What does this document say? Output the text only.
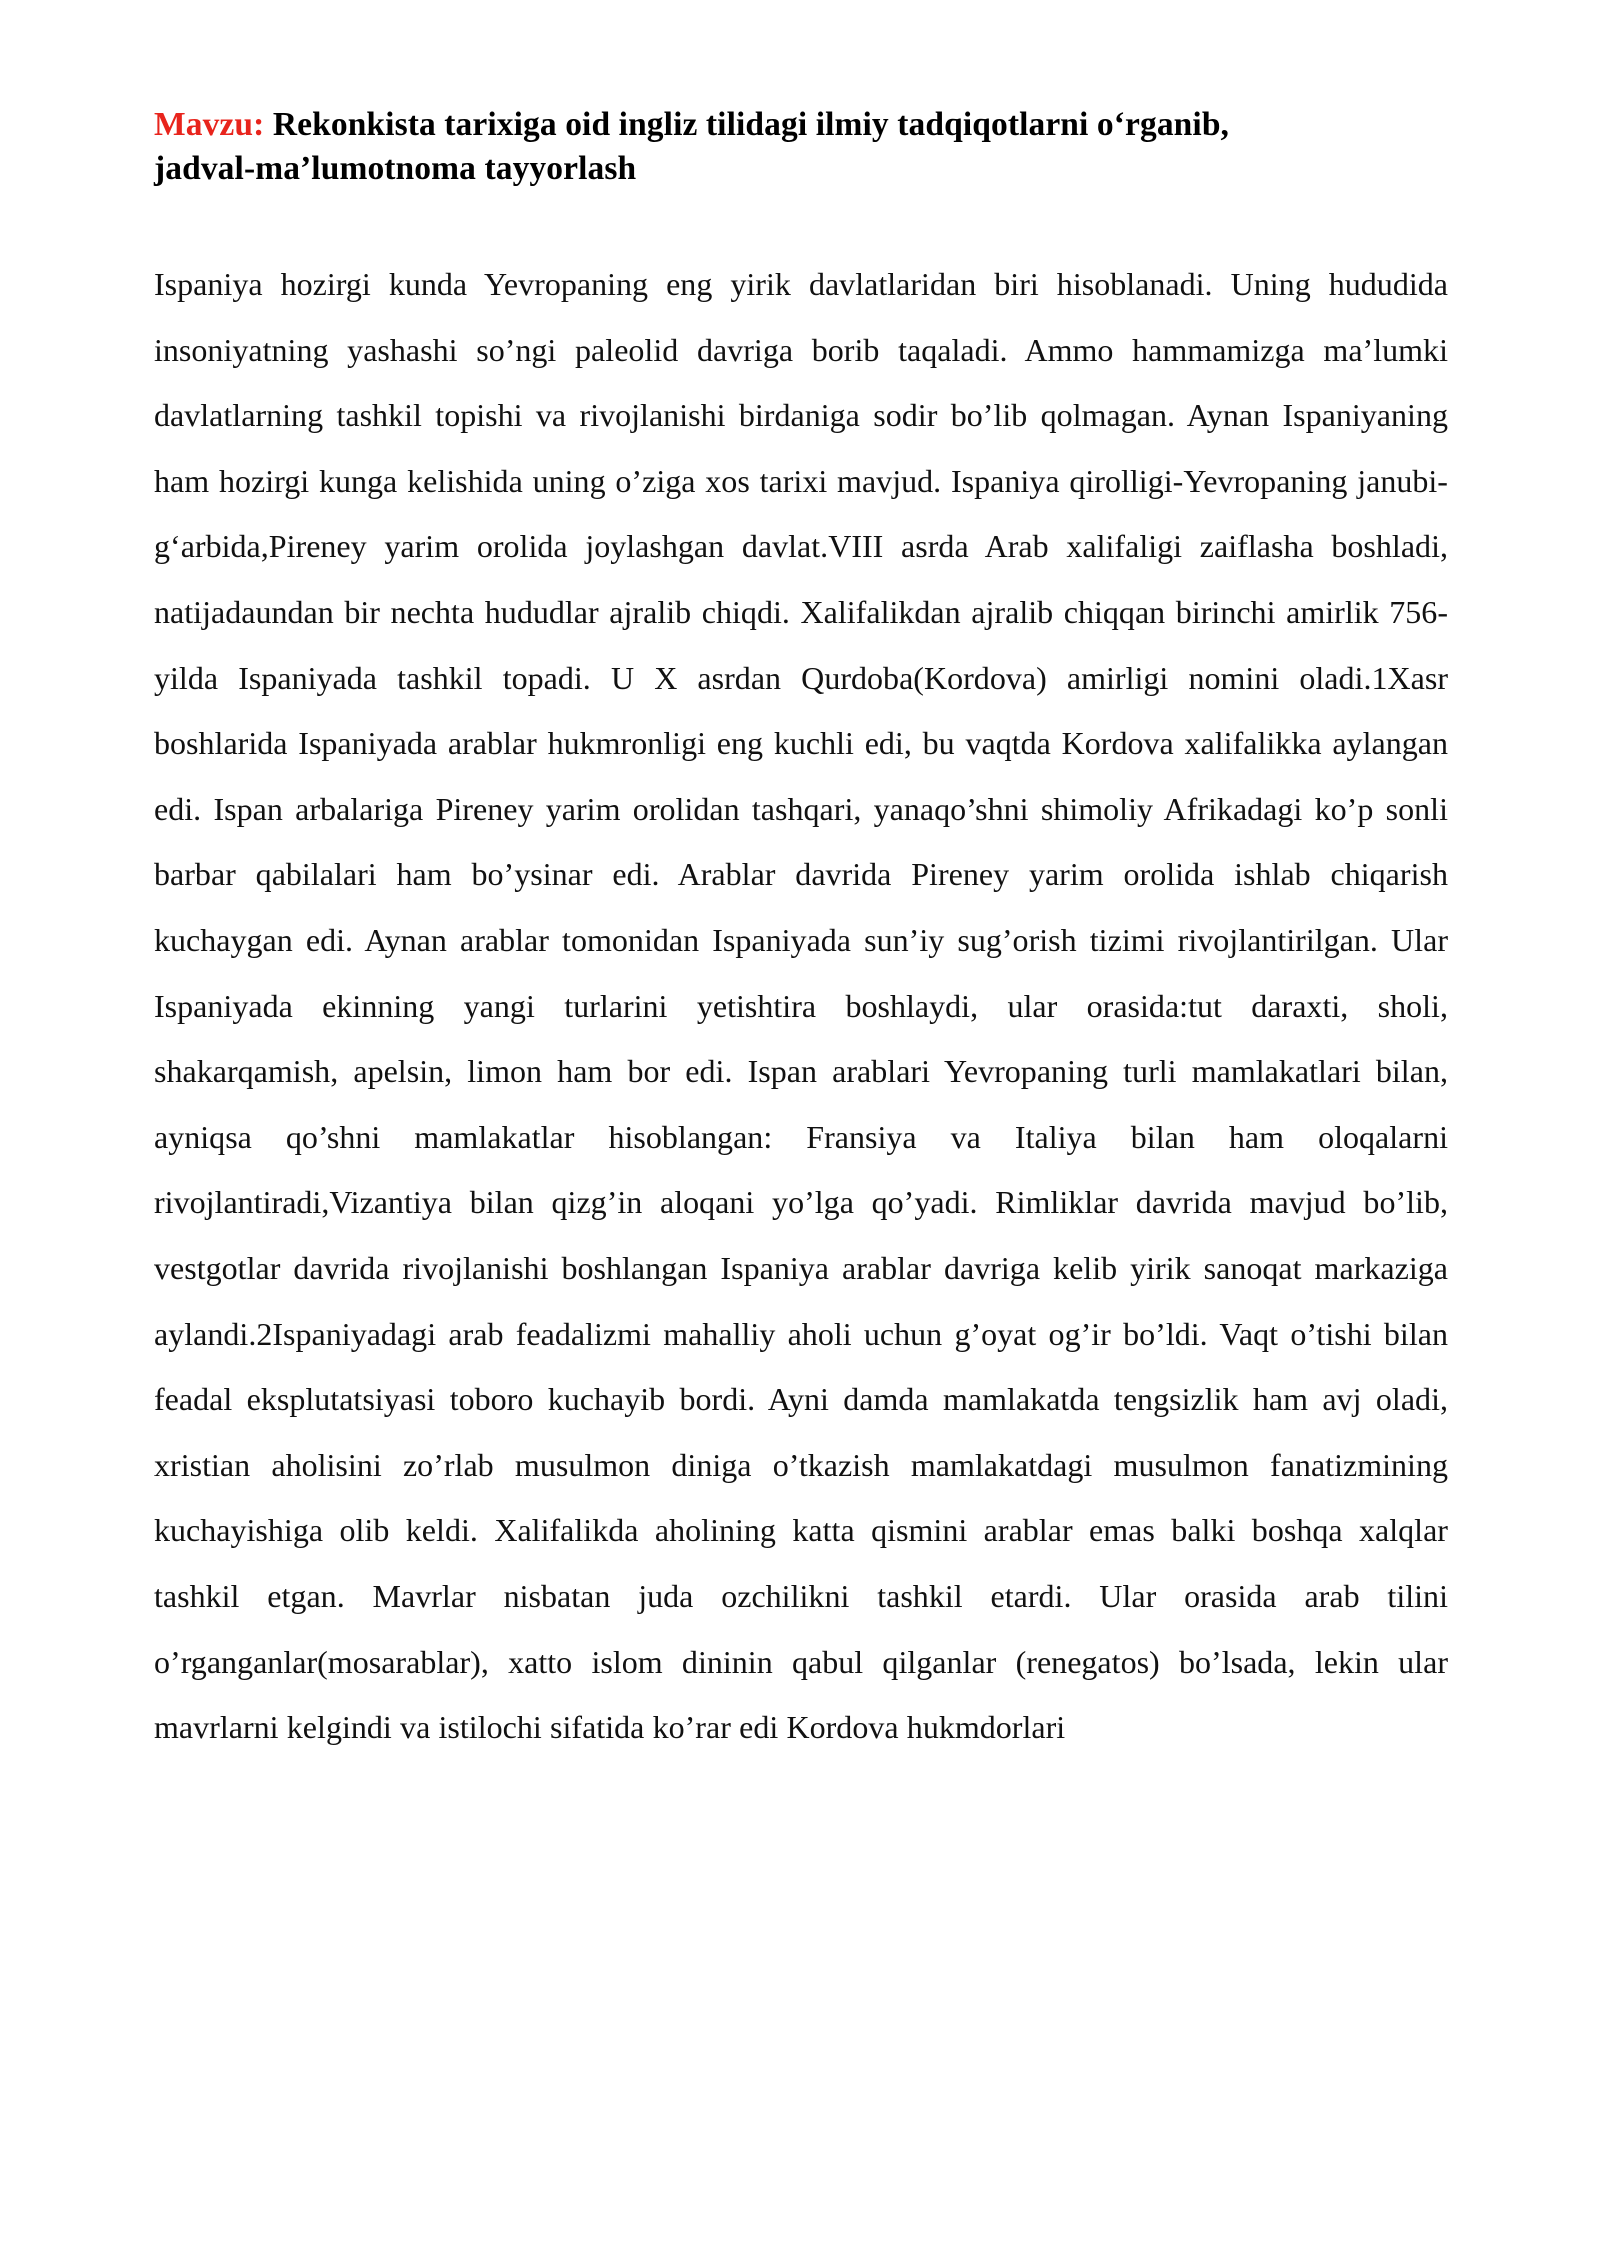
Mavzu: Rekonkista tarixiga oid ingliz tilidagi ilmiy tadqiqotlarni o‘rganib,
jadval-ma’lumotnoma tayyorlash

Ispaniya hozirgi kunda Yevropaning eng yirik davlatlaridan biri hisoblanadi. Uning hududida insoniyatning yashashi so’ngi paleolid davriga borib taqaladi. Ammo hammamizga ma’lumki davlatlarning tashkil topishi va rivojlanishi birdaniga sodir bo’lib qolmagan. Aynan Ispaniyaning ham hozirgi kunga kelishida uning o’ziga xos tarixi mavjud. Ispaniya qirolligi-Yevropaning janubi-g‘arbida,Pireney yarim orolida joylashgan davlat.VIII asrda Arab xalifaligi zaiflasha boshladi, natijadaundan bir nechta hududlar ajralib chiqdi. Xalifalikdan ajralib chiqqan birinchi amirlik 756-yilda Ispaniyada tashkil topadi. U X asrdan Qurdoba(Kordova) amirligi nomini oladi.1Xasr boshlarida Ispaniyada arablar hukmronligi eng kuchli edi, bu vaqtda Kordova xalifalikka aylangan edi. Ispan arbalariga Pireney yarim orolidan tashqari, yanaqo’shni shimoliy Afrikadagi ko’p sonli barbar qabilalari ham bo’ysinar edi. Arablar davrida Pireney yarim orolida ishlab chiqarish kuchaygan edi. Aynan arablar tomonidan Ispaniyada sun’iy sug’orish tizimi rivojlantirilgan. Ular Ispaniyada ekinning yangi turlarini yetishtira boshlaydi, ular orasida:tut daraxti, sholi, shakarqamish, apelsin, limon ham bor edi. Ispan arablari Yevropaning turli mamlakatlari bilan, ayniqsa qo’shni mamlakatlar hisoblangan: Fransiya va Italiya bilan ham oloqalarni rivojlantiradi,Vizantiya bilan qizg’in aloqani yo’lga qo’yadi. Rimliklar davrida mavjud bo’lib, vestgotlar davrida rivojlanishi boshlangan Ispaniya arablar davriga kelib yirik sanoqat markaziga aylandi.2Ispaniyadagi arab feadalizmi mahalliy aholi uchun g’oyat og’ir bo’ldi. Vaqt o’tishi bilan feadal eksplutatsiyasi toboro kuchayib bordi. Ayni damda mamlakatda tengsizlik ham avj oladi, xristian aholisini zo’rlab musulmon diniga o’tkazish mamlakatdagi musulmon fanatizmining kuchayishiga olib keldi. Xalifalikda aholining katta qismini arablar emas balki boshqa xalqlar tashkil etgan. Mavrlar nisbatan juda ozchilikni tashkil etardi. Ular orasida arab tilini o’rganganlar(mosarablar), xatto islom dininin qabul qilganlar (renegatos) bo’lsada, lekin ular mavrlarni kelgindi va istilochi sifatida ko’rar edi Kordova hukmdorlari
